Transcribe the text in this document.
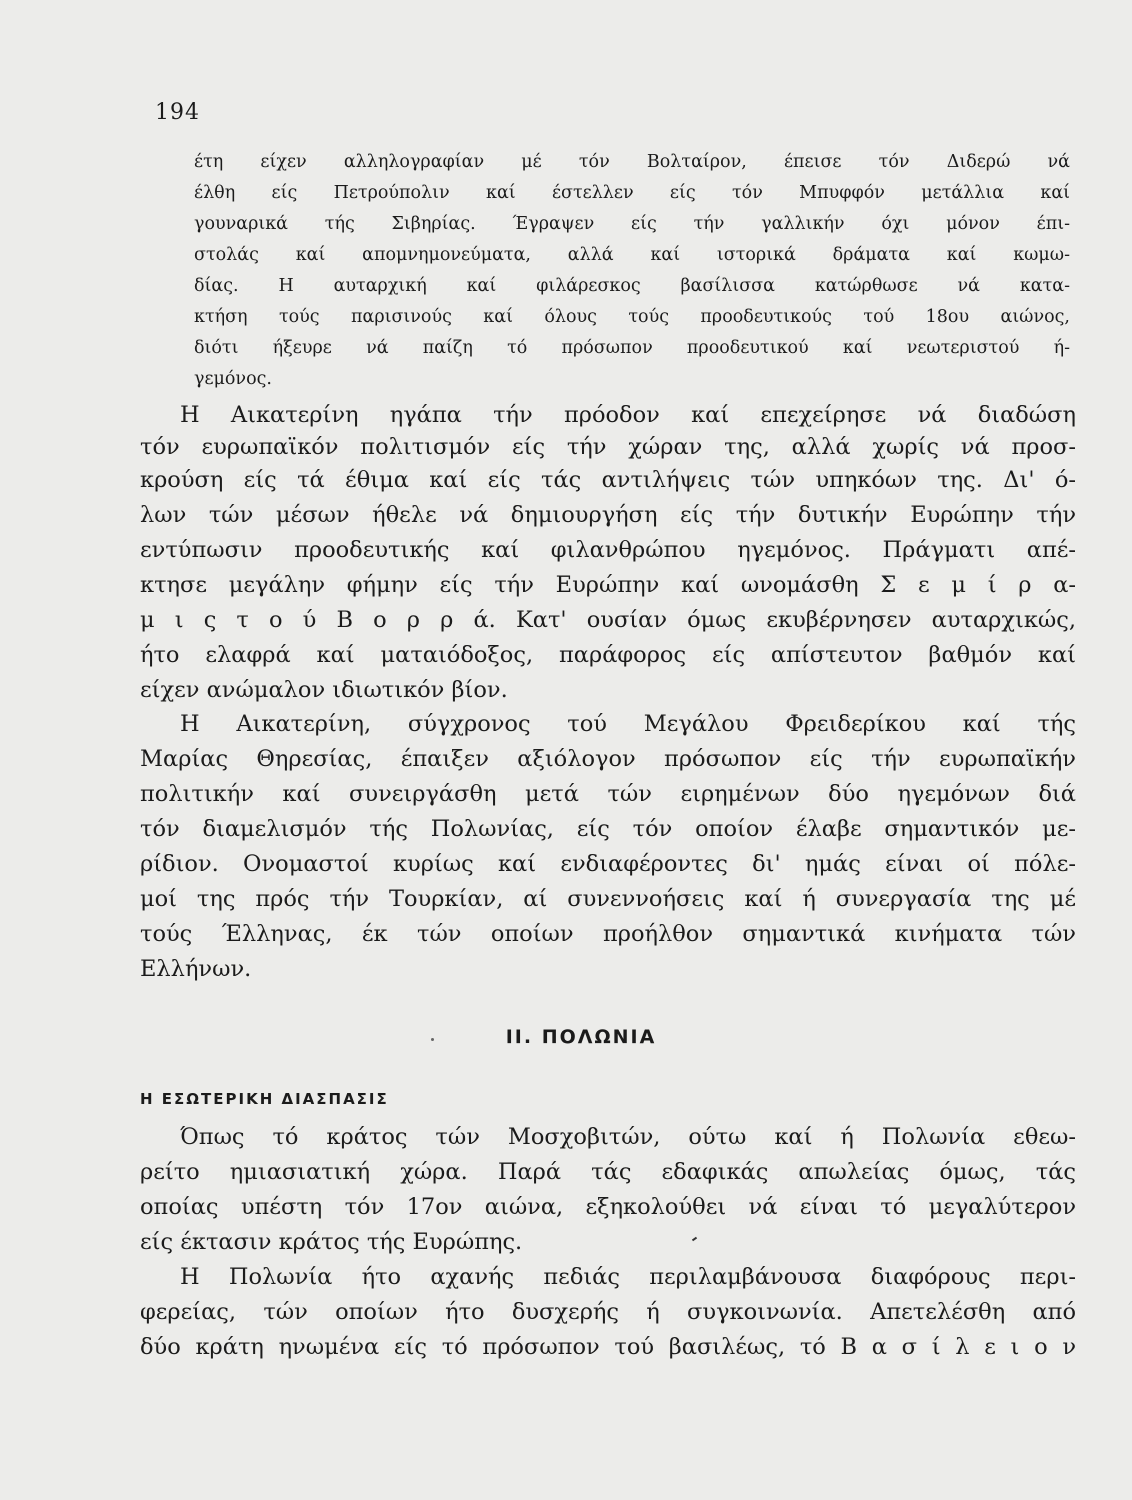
194
έτη είχεν αλληλογραφίαν μέ τόν Βολταίρον, έπεισε τόν Διδερώ νά
έλθη είς Πετρούπολιν καί έστελλεν είς τόν Μπυφφόν μετάλλια καί
γουναρικά τής Σιβηρίας. Έγραψεν είς τήν γαλλικήν όχι μόνον έπι-
στολάς καί απομνημονεύματα, αλλά καί ιστορικά δράματα καί κωμω-
δίας. Η αυταρχική καί φιλάρεσκος βασίλισσα κατώρθωσε νά κατα-
κτήση τούς παρισινούς καί όλους τούς προοδευτικούς τού 18ου αιώνος,
διότι ήξευρε νά παίζη τό πρόσωπον προοδευτικού καί νεωτεριστού ή-
γεμόνος.
Η Αικατερίνη ηγάπα τήν πρόοδον καί επεχείρησε νά διαδώση
τόν ευρωπαϊκόν πολιτισμόν είς τήν χώραν της, αλλά χωρίς νά προσ-
κρούση είς τά έθιμα καί είς τάς αντιλήψεις τών υπηκόων της. Δι' ό-
λων τών μέσων ήθελε νά δημιουργήση είς τήν δυτικήν Ευρώπην τήν
εντύπωσιν προοδευτικής καί φιλανθρώπου ηγεμόνος. Πράγματι απέ-
κτησε μεγάλην φήμην είς τήν Ευρώπην καί ωνομάσθη Σ ε μ ί ρ α-
μ ι ς τ ο ύ Β ο ρ ρ ά. Κατ' ουσίαν όμως εκυβέρνησεν αυταρχικώς,
ήτο ελαφρά καί ματαιόδοξος, παράφορος είς απίστευτον βαθμόν καί
είχεν ανώμαλον ιδιωτικόν βίον.
Η Αικατερίνη, σύγχρονος τού Μεγάλου Φρειδερίκου καί τής
Μαρίας Θηρεσίας, έπαιξεν αξιόλογον πρόσωπον είς τήν ευρωπαϊκήν
πολιτικήν καί συνειργάσθη μετά τών ειρημένων δύο ηγεμόνων διά
τόν διαμελισμόν τής Πολωνίας, είς τόν οποίον έλαβε σημαντικόν με-
ρίδιον. Ονομαστοί κυρίως καί ενδιαφέροντες δι' ημάς είναι οί πόλε-
μοί της πρός τήν Τουρκίαν, αί συνεννοήσεις καί ή συνεργασία της μέ
τούς Έλληνας, έκ τών οποίων προήλθον σημαντικά κινήματα τών
Ελλήνων.
ΙΙ. ΠΟΛΩΝΙΑ
Η ΕΣΩΤΕΡΙΚΗ ΔΙΑΣΠΑΣΙΣ
Όπως τό κράτος τών Μοσχοβιτών, ούτω καί ή Πολωνία εθεω-
ρείτο ημιασιατική χώρα. Παρά τάς εδαφικάς απωλείας όμως, τάς
οποίας υπέστη τόν 17ον αιώνα, εξηκολούθει νά είναι τό μεγαλύτερον
είς έκτασιν κράτος τής Ευρώπης.
Η Πολωνία ήτο αχανής πεδιάς περιλαμβάνουσα διαφόρους περι-
φερείας, τών οποίων ήτο δυσχερής ή συγκοινωνία. Απετελέσθη από
δύο κράτη ηνωμένα είς τό πρόσωπον τού βασιλέως, τό Β α σ ί λ ε ι ο ν
